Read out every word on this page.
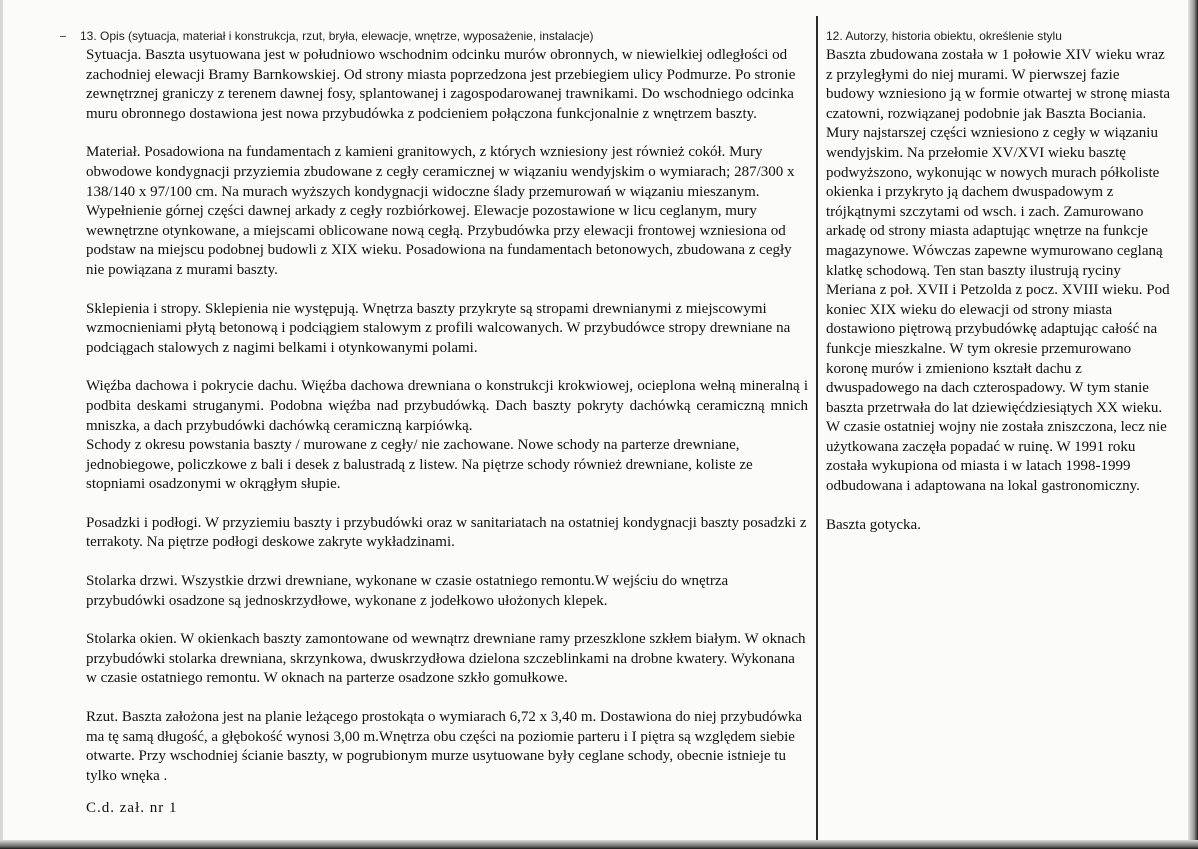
13. Opis (sytuacja, materiał i konstrukcja, rzut, bryła, elewacje, wnętrze, wyposażenie, instalacje)

Sytuacja. Baszta usytuowana jest w południowo wschodnim odcinku murów obronnych, w niewielkiej odległości od zachodniej elewacji Bramy Barnkowskiej. Od strony miasta poprzedzona jest przebiegiem ulicy Podmurze. Po stronie zewnętrznej graniczy z terenem dawnej fosy, splantowanej i zagospodarowanej trawnikami. Do wschodniego odcinka muru obronnego dostawiona jest nowa przybudówka z podcieniem połączona funkcjonalnie z wnętrzem baszty.

Materiał. Posadowiona na fundamentach z kamieni granitowych, z których wzniesiony jest również cokół. Mury obwodowe kondygnacji przyziemia zbudowane z cegły ceramicznej w wiązaniu wendyjskim o wymiarach; 287/300 x 138/140 x 97/100 cm. Na murach wyższych kondygnacji widoczne ślady przemurowań w wiązaniu mieszanym. Wypełnienie górnej części dawnej arkady z cegły rozbiórkowej. Elewacje pozostawione w licu ceglanym, mury wewnętrzne otynkowane, a miejscami oblicowane nową cegłą. Przybudówka przy elewacji frontowej wzniesiona od podstaw na miejscu podobnej budowli z XIX wieku. Posadowiona na fundamentach betonowych, zbudowana z cegły nie powiązana z murami baszty.

Sklepienia i stropy. Sklepienia nie występują. Wnętrza baszty przykryte są stropami drewnianymi z miejscowymi wzmocnieniami płytą betonową i podciągiem stalowym z profili walcowanych. W przybudówce stropy drewniane na podciągach stalowych z nagimi belkami i otynkowanymi polami.

Więźba dachowa i pokrycie dachu. Więźba dachowa drewniana o konstrukcji krokwiowej, ocieplona wełną mineralną i podbita deskami struganymi. Podobna więźba nad przybudówką. Dach baszty pokryty dachówką ceramiczną mnich mniszka, a dach przybudówki dachówką ceramiczną karpiówką.

Schody z okresu powstania baszty / murowane z cegły/ nie zachowane. Nowe schody na parterze drewniane, jednobiegowe, policzkowe z bali i desek z balustradą z listew. Na piętrze schody również drewniane, koliste ze stopniami osadzonymi w okrągłym słupie.

Posadzki i podłogi. W przyziemiu baszty i przybudówki oraz w sanitariatach na ostatniej kondygnacji baszty posadzki z terrakoty. Na piętrze podłogi deskowe zakryte wykładzinami.

Stolarka drzwi. Wszystkie drzwi drewniane, wykonane w czasie ostatniego remontu.W wejściu do wnętrza przybudówki osadzone są jednoskrzydłowe, wykonane z jodełkowo ułożonych klepek.

Stolarka okien. W okienkach baszty zamontowane od wewnątrz drewniane ramy przeszklone szkłem białym. W oknach przybudówki stolarka drewniana, skrzynkowa, dwuskrzydłowa dzielona szczeblinkami na drobne kwatery. Wykonana w czasie ostatniego remontu. W oknach na parterze osadzone szkło gomułkowe.

Rzut. Baszta założona jest na planie leżącego prostokąta o wymiarach 6,72 x 3,40 m. Dostawiona do niej przybudówka ma tę samą długość, a głębokość wynosi 3,00 m.Wnętrza obu części na poziomie parteru i I piętra są względem siebie otwarte. Przy wschodniej ścianie baszty, w pogrubionym murze usytuowane były ceglane schody, obecnie istnieje tu tylko wnęka .

12. Autorzy, historia obiektu, określenie stylu

Baszta zbudowana została w 1 połowie XIV wieku wraz z przyległymi do niej murami. W pierwszej fazie budowy wzniesiono ją w formie otwartej w stronę miasta czatowni, rozwiązanej podobnie jak Baszta Bociania. Mury najstarszej części wzniesiono z cegły w wiązaniu wendyjskim. Na przełomie XV/XVI wieku basztę podwyższono, wykonując w nowych murach półkoliste okienka i przykryto ją dachem dwuspadowym z trójkątnymi szczytami od wsch. i zach. Zamurowano arkadę od strony miasta adaptując wnętrze na funkcje magazynowe. Wówczas zapewne wymurowano ceglaną klatkę schodową. Ten stan baszty ilustrują ryciny Meriana z poł. XVII i Petzolda z pocz. XVIII wieku. Pod koniec XIX wieku do elewacji od strony miasta dostawiono piętrową przybudówkę adaptując całość na funkcje mieszkalne. W tym okresie przemurowano koronę murów i zmieniono kształt dachu z dwuspadowego na dach czterospadowy. W tym stanie baszta przetrwała do lat dziewięćdziesiątych XX wieku. W czasie ostatniej wojny nie została zniszczona, lecz nie użytkowana zaczęła popadać w ruinę. W 1991 roku została wykupiona od miasta i w latach 1998-1999 odbudowana i adaptowana na lokal gastronomiczny.

Baszta gotycka.

C.d. zał. nr 1
